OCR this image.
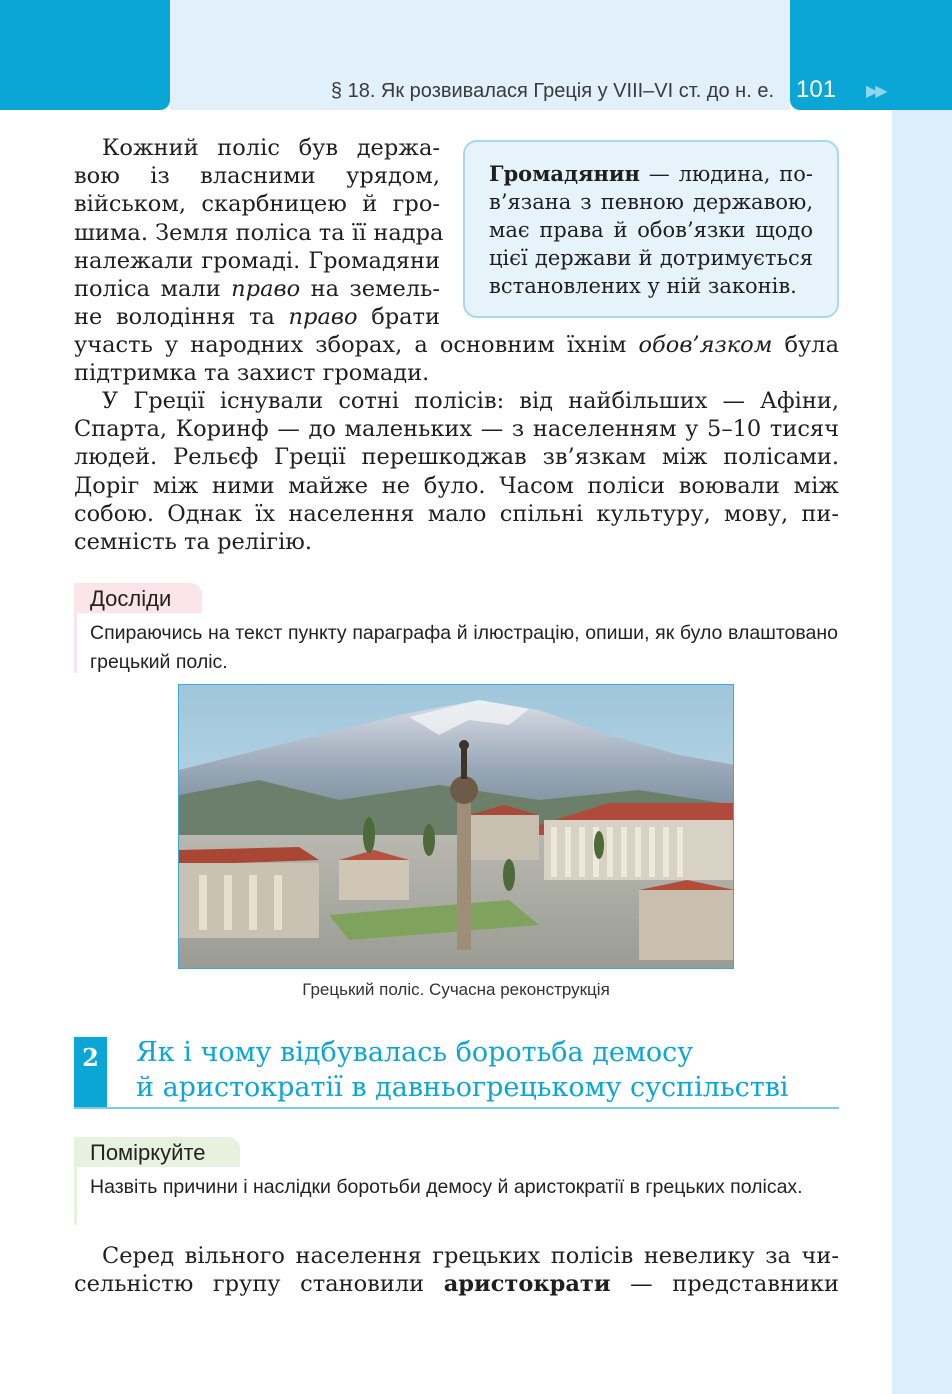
§ 18. Як розвивалася Греція у VIII–VI ст. до н. е. 101 ▶▶
Кожний поліс був держа-
вою із власними урядом,
військом, скарбницею й гро-
шима. Земля поліса та її надра
належали громаді. Громадяни
поліса мали право на земель-
не володіння та право брати
участь у народних зборах, а основним їхнім обов’язком була
підтримка та захист громади.
Громадянин — людина, по-в’язана з певною державою, має права й обов’язки щодо цієї держави й дотримується встановлених у ній законів.
У Греції існували сотні полісів: від найбільших — Афіни,
Спарта, Коринф — до маленьких — з населенням у 5–10 тисяч
людей. Рельєф Греції перешкоджав зв’язкам між полісами.
Доріг між ними майже не було. Часом поліси воювали між
собою. Однак їх населення мало спільні культуру, мову, пи-
семність та релігію.
Досліди
Спираючись на текст пункту параграфа й ілюстрацію, опиши, як було влаштовано грецький поліс.
Грецький поліс. Сучасна реконструкція
2	Як і чому відбувалась боротьба демосу
й аристократії в давньогрецькому суспільстві
Поміркуйте
Назвіть причини і наслідки боротьби демосу й аристократії в грецьких полісах.
Серед вільного населення грецьких полісів невелику за чи-
сельністю групу становили аристократи — представники
